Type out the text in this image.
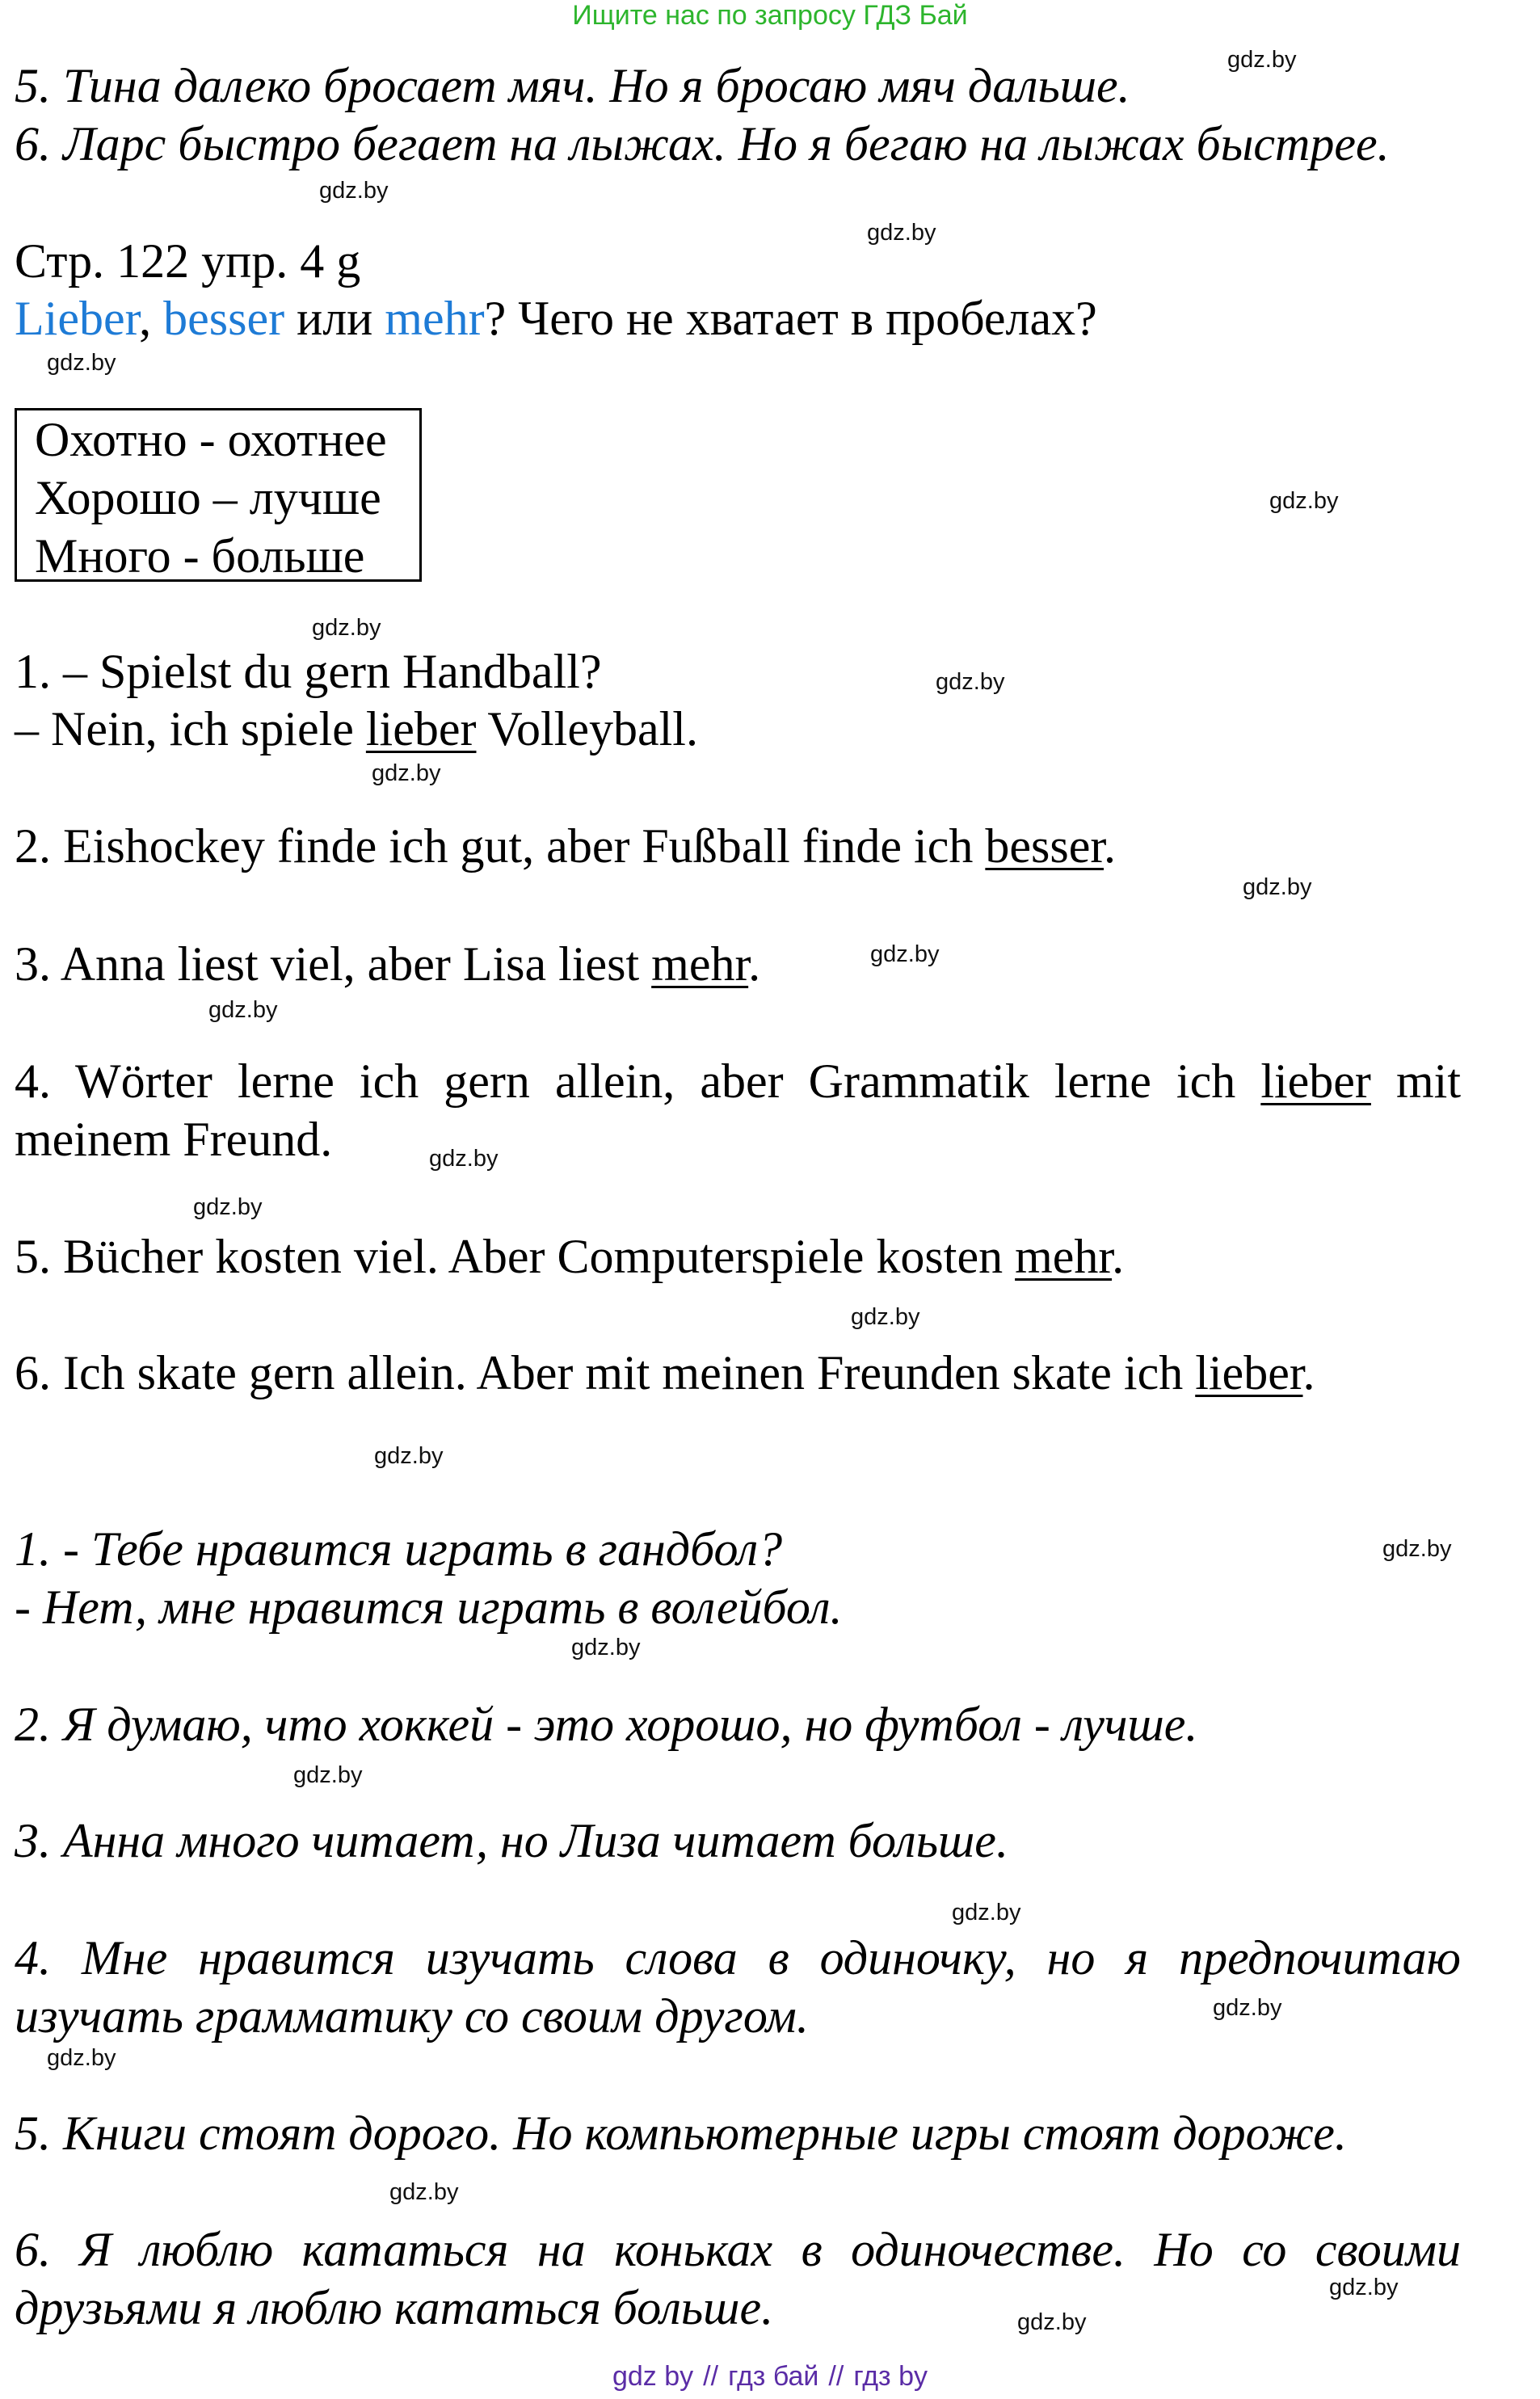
Ищите нас по запросу ГДЗ Бай
5. Тина далеко бросает мяч. Но я бросаю мяч дальше.
6. Ларс быстро бегает на лыжах. Но я бегаю на лыжах быстрее.
Стр. 122 упр. 4 g
Lieber, besser или mehr? Чего не хватает в пробелах?
Охотно - охотнее
Хорошо – лучше
Много - больше
1. – Spielst du gern Handball?
– Nein, ich spiele lieber Volleyball.
2. Eishockey finde ich gut, aber Fußball finde ich besser.
3. Anna liest viel, aber Lisa liest mehr.
4. Wörter lerne ich gern allein, aber Grammatik lerne ich lieber mit
meinem Freund.
5. Bücher kosten viel. Aber Computerspiele kosten mehr.
6. Ich skate gern allein. Aber mit meinen Freunden skate ich lieber.
1. - Тебе нравится играть в гандбол?
- Нет, мне нравится играть в волейбол.
2. Я думаю, что хоккей - это хорошо, но футбол - лучше.
3. Анна много читает, но Лиза читает больше.
4. Мне нравится изучать слова в одиночку, но я предпочитаю
изучать грамматику со своим другом.
5. Книги стоят дорого. Но компьютерные игры стоят дороже.
6. Я люблю кататься на коньках в одиночестве. Но со своими
друзьями я люблю кататься больше.
gdz.by
gdz.by
gdz.by
gdz.by
gdz.by
gdz.by
gdz.by
gdz.by
gdz.by
gdz.by
gdz.by
gdz.by
gdz.by
gdz.by
gdz.by
gdz.by
gdz.by
gdz.by
gdz.by
gdz.by
gdz.by
gdz.by
gdz.by
gdz.by
gdz by // гдз бай // гдз by
